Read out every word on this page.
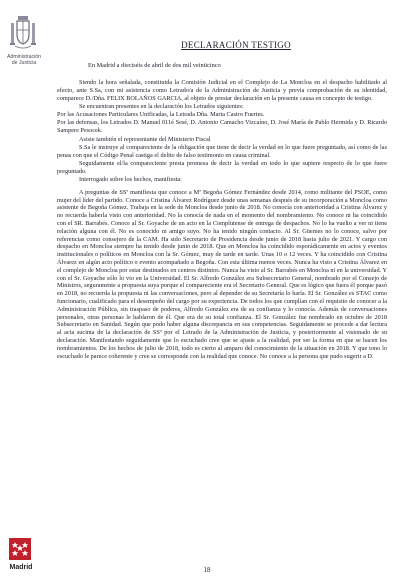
Administración
de Justicia
DECLARACIÓN TESTIGO
En Madrid a dieciséis de abril de dos mil veinticinco

Siendo la hora señalada, constituida la Comisión Judicial en el Complejo de La Moncloa en el despacho habilitado al efecto, ante S.Sa, con mi asistencia como Letrado/a de la Administración de Justicia y previa comprobación de su identidad, comparece D./Dña. FELIX BOLAÑOS GARCIA, al objeto de prestar declaración en la presente causa en concepto de testigo.

Se encuentran presentes en la declaración los Letrados siguientes:

Por las Acusaciones Particulares Unificadas, la Letrada Dña. Marta Castro Fuertes.

Por las defensas, los Letrados D. Manuel 011é Sesé, D. Antonio Camacho Vizcaíno, D. José María de Pablo Hermida y D. Ricardo Sampere Pesocek.

Asiste también el representante del Ministerio Fiscal

S.Sa le instruye al compareciente de la obligación que tiene de decir la verdad en lo que fuere preguntado, así como de las penas con que el Código Penal castiga el delito de falso testimonio en causa criminal.

Seguidamente el/la compareciente presta promesa de decir la verdad en todo lo que supiere respecto de lo que fuere preguntado.

Interrogado sobre los hechos, manifiesta:

A preguntas de SSª manifiesta que conoce a Mª Begoña Gómez Fernández desde 2014, como militante del PSOE, como mujer del líder del partido. Conoce a Cristina Álvarez Rodríguez desde unas semanas después de su incorporación a Moncloa como asistente de Begoña Gómez. Trabaja en la sede de Moncloa desde junio de 2018. No conocía con anterioridad a Cristina Álvarez y no recuerda haberla visto con anterioridad. No la conocía de nada en el momento del nombramiento. No conoce ni ha coincidido con el SR. Barrabés. Conoce al Sr. Goyache de un acto en la Complutense de entrega de despachos. No lo ha vuelto a ver ni tiene relación alguna con él. No es conocido ni amigo suyo. No ha tenido ningún contacto. Al Sr. Güemes no lo conoce, salvo por referencias como consejero de la CAM. Ha sido Secretario de Presidencia desde junio de 2018 hasta julio de 2021. Y cargo con despacho en Moncloa siempre ha tenido desde junio de 2018. Que en Moncloa ha coincidido esporádicamente en actos y eventos institucionales o políticos en Moncloa con la Sr. Gómez, muy de tarde en tarde. Unas 10 o 12 veces. Y ha coincidido con Cristina Álvarez en algún acto político o evento acompañado a Begoña. Con esta última menos veces. Nunca ha visto a Cristina Álvarez en el complejo de Moncloa por estar destinados en centros distintos. Nunca ha visto al Sr. Barrabés en Moncloa ni en la universidad. Y con el Sr. Goyache sólo lo vio en la Universidad. El Sr. Alfredo González era Subsecretario General, nombrado por el Consejo de Ministros, seguramente a propuesta suya porque el compareciente era el Secretario General. Que es lógico que fuera él porque pasó en 2018, no recuerda la propuesta ni las conversaciones, pero al depender de su Secretaría lo haría. El Sr. González es STAC como funcionario, cualificado para el desempeño del cargo por su experiencia. De todos los que cumplían con el requisito de conocer a la Administración Pública, sin traspaso de poderes, Alfredo González era de su confianza y lo conocía. Además de conversaciones personales, otras personas le hablaron de él. Que era de su total confianza. El Sr. González fue nombrado en octubre de 2018 Subsecretario en Sanidad. Según que podo haber alguna discrepancia en sus competencias. Seguidamente se procede a dar lectura al acta sucinta de la declaración de SSª por el Letrado de la Administración de Justicia, y posteriormente al visionado de su declaración. Manifestando seguidamente que lo escuchado cree que se ajuste a la realidad, por ser la forma en que se hacen los nombramientos. De los hechos de julio de 2018, todo es cierto al amparo del conocimiento de la situación en 2018. Y que tono lo escuchado le parece coherente y cree se corresponde con la realidad que conoce. No conoce a la persona que pudo sugerir a D.

Madrid	18
